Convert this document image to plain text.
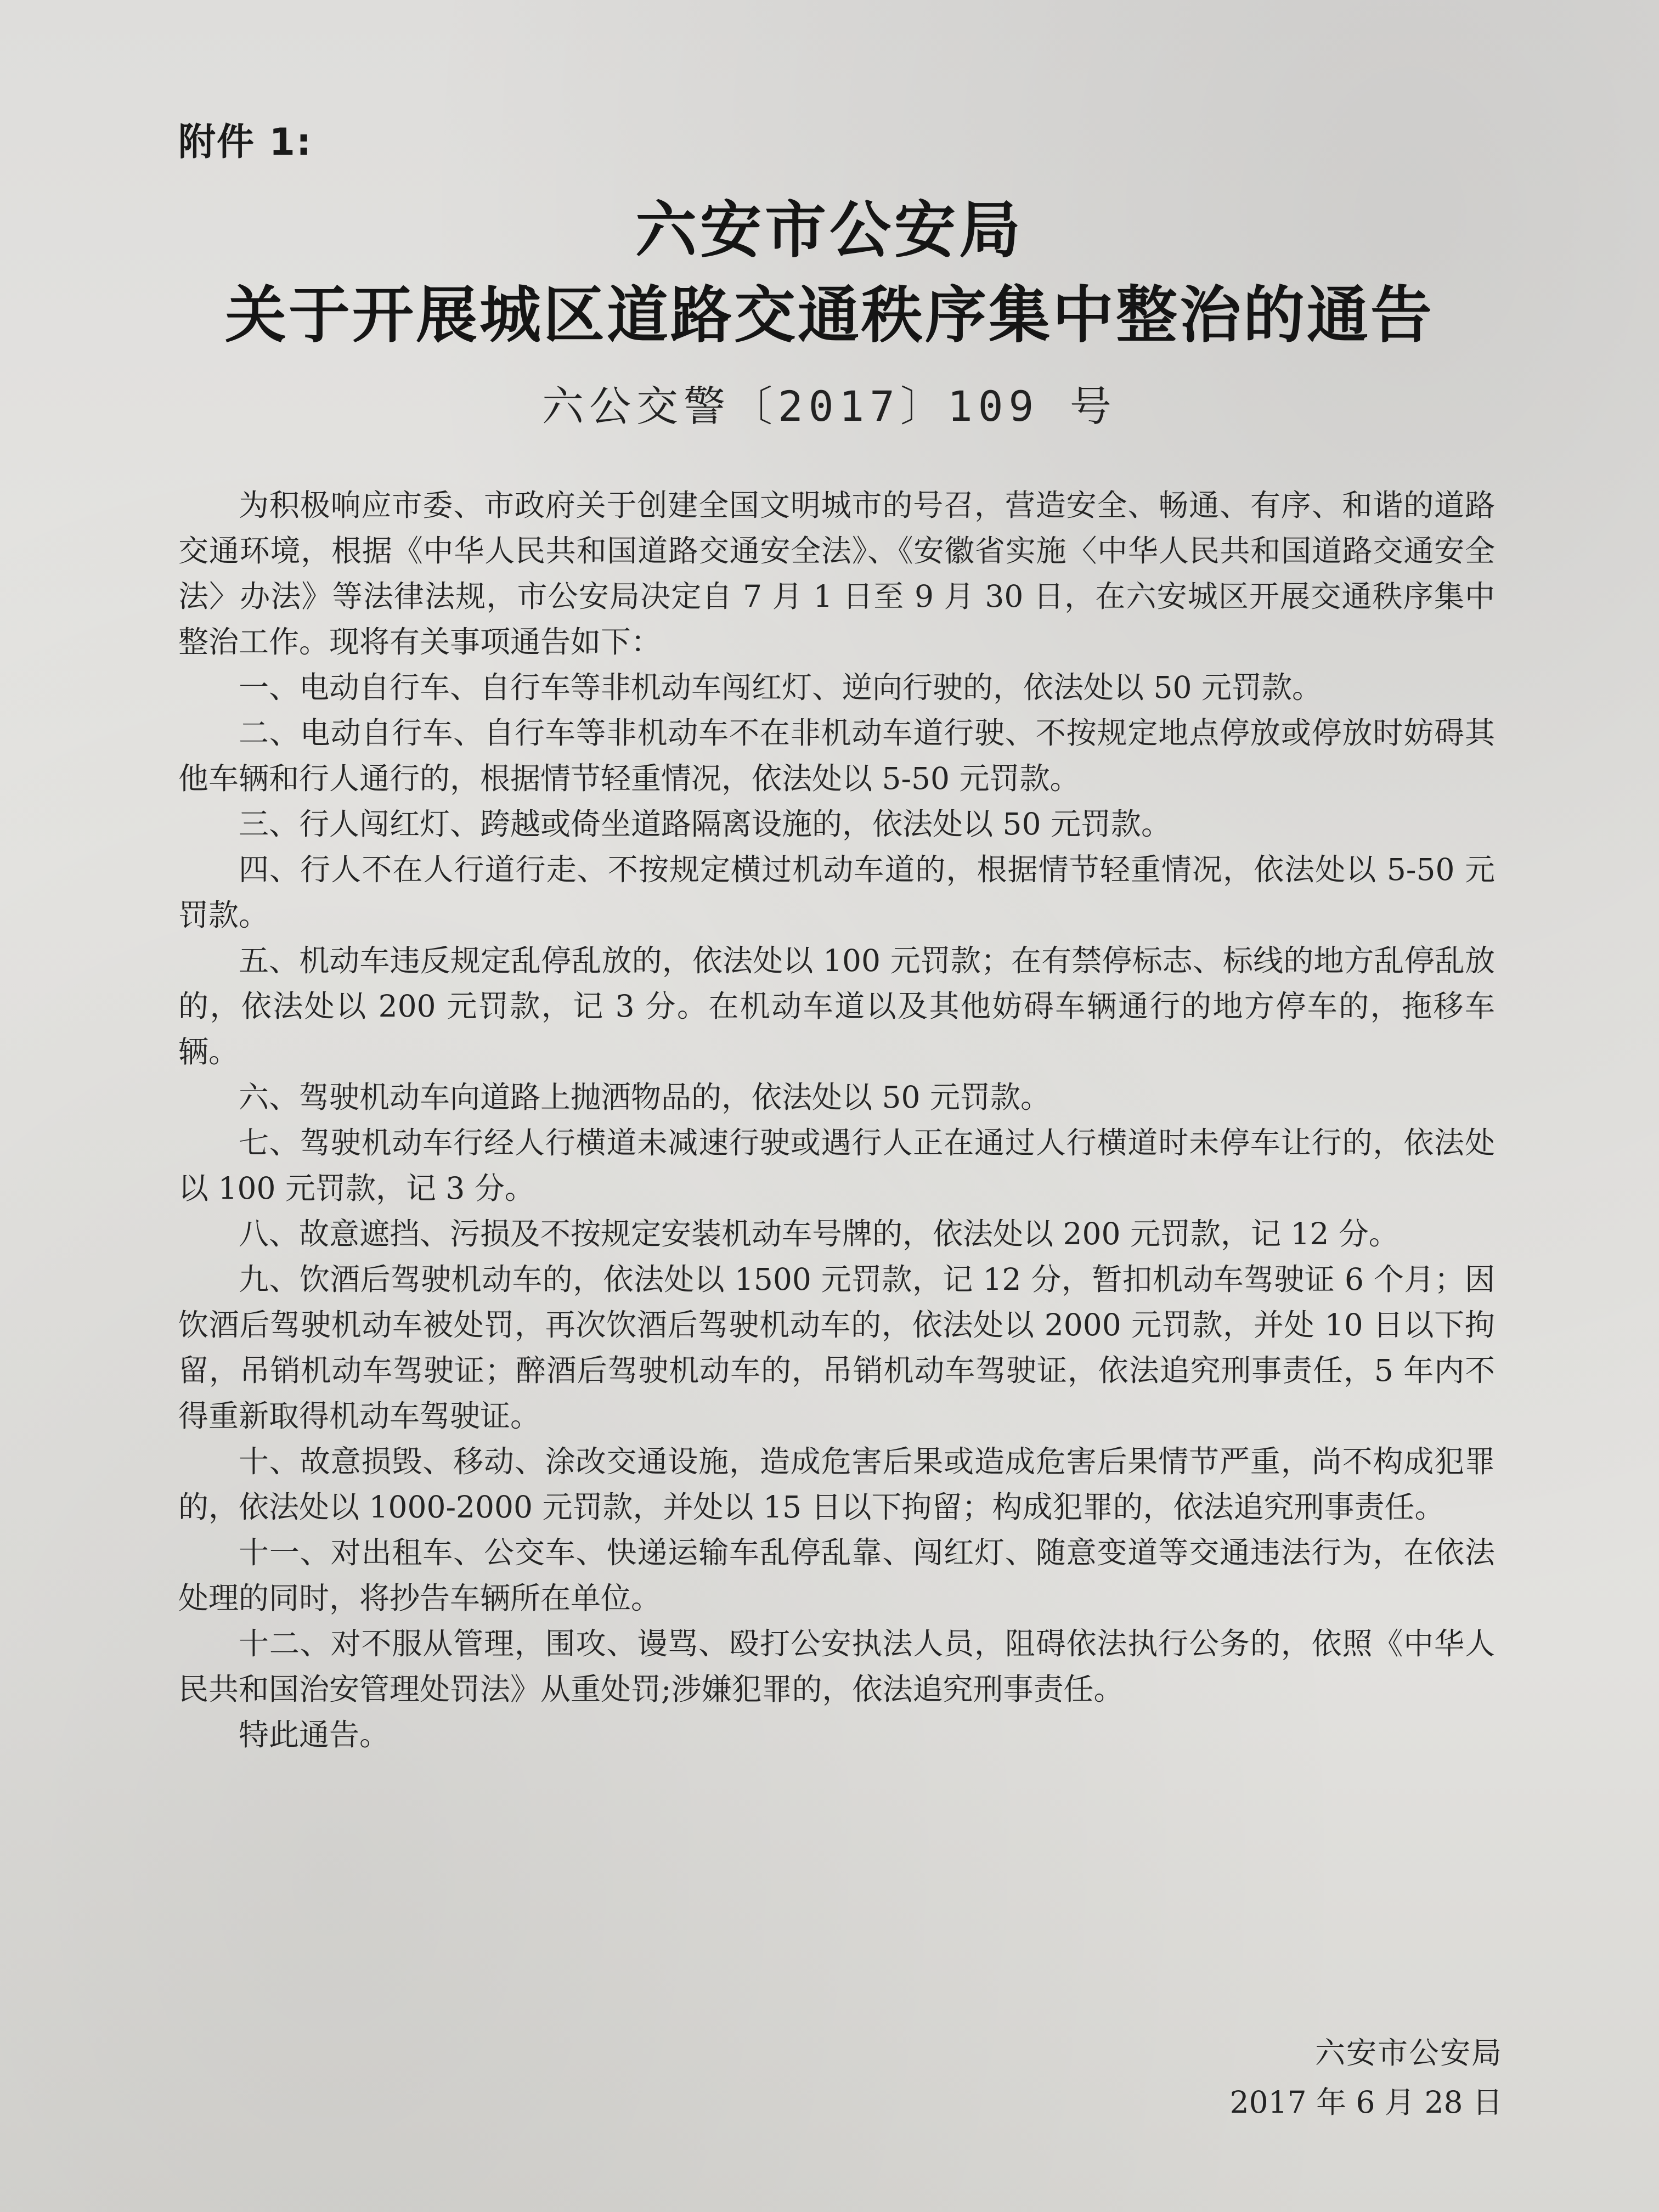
附件 1:
六安市公安局
关于开展城区道路交通秩序集中整治的通告
六公交警〔2017〕109 号

为积极响应市委、市政府关于创建全国文明城市的号召，营造安全、畅通、有序、和谐的道路交通环境，根据《中华人民共和国道路交通安全法》、《安徽省实施〈中华人民共和国道路交通安全法〉办法》等法律法规，市公安局决定自 7 月 1 日至 9 月 30 日，在六安城区开展交通秩序集中整治工作。现将有关事项通告如下：

一、电动自行车、自行车等非机动车闯红灯、逆向行驶的，依法处以 50 元罚款。

二、电动自行车、自行车等非机动车不在非机动车道行驶、不按规定地点停放或停放时妨碍其他车辆和行人通行的，根据情节轻重情况，依法处以 5-50 元罚款。

三、行人闯红灯、跨越或倚坐道路隔离设施的，依法处以 50 元罚款。

四、行人不在人行道行走、不按规定横过机动车道的，根据情节轻重情况，依法处以 5-50 元罚款。

五、机动车违反规定乱停乱放的，依法处以 100 元罚款；在有禁停标志、标线的地方乱停乱放的，依法处以 200 元罚款，记 3 分。在机动车道以及其他妨碍车辆通行的地方停车的，拖移车辆。

六、驾驶机动车向道路上抛洒物品的，依法处以 50 元罚款。

七、驾驶机动车行经人行横道未减速行驶或遇行人正在通过人行横道时未停车让行的，依法处以 100 元罚款，记 3 分。

八、故意遮挡、污损及不按规定安装机动车号牌的，依法处以 200 元罚款，记 12 分。

九、饮酒后驾驶机动车的，依法处以 1500 元罚款，记 12 分，暂扣机动车驾驶证 6 个月；因饮酒后驾驶机动车被处罚，再次饮酒后驾驶机动车的，依法处以 2000 元罚款，并处 10 日以下拘留，吊销机动车驾驶证；醉酒后驾驶机动车的，吊销机动车驾驶证，依法追究刑事责任，5 年内不得重新取得机动车驾驶证。

十、故意损毁、移动、涂改交通设施，造成危害后果或造成危害后果情节严重，尚不构成犯罪的，依法处以 1000-2000 元罚款，并处以 15 日以下拘留；构成犯罪的，依法追究刑事责任。

十一、对出租车、公交车、快递运输车乱停乱靠、闯红灯、随意变道等交通违法行为，在依法处理的同时，将抄告车辆所在单位。

十二、对不服从管理，围攻、谩骂、殴打公安执法人员，阻碍依法执行公务的，依照《中华人民共和国治安管理处罚法》从重处罚;涉嫌犯罪的，依法追究刑事责任。

特此通告。

六安市公安局
2017 年 6 月 28 日
